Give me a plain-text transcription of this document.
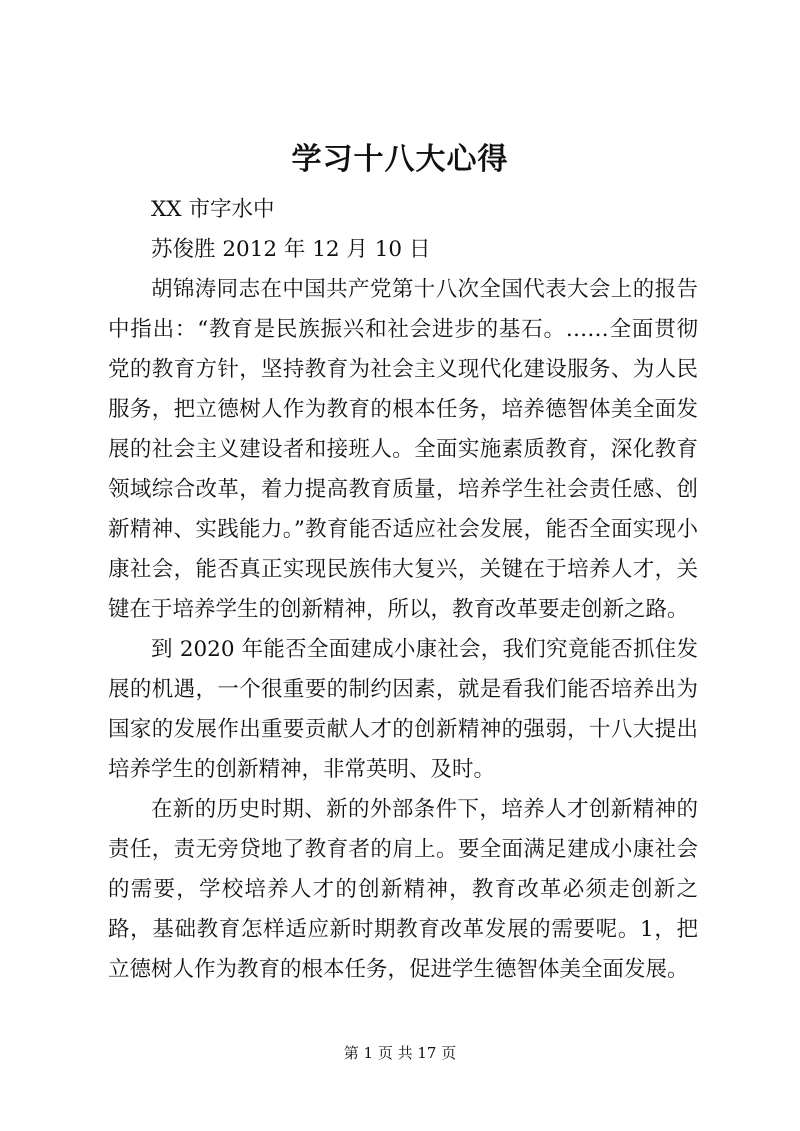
学习十八大心得

XX 市字水中

苏俊胜 2012 年 12 月 10 日

胡锦涛同志在中国共产党第十八次全国代表大会上的报告中指出：“教育是民族振兴和社会进步的基石。……全面贯彻党的教育方针，坚持教育为社会主义现代化建设服务、为人民服务，把立德树人作为教育的根本任务，培养德智体美全面发展的社会主义建设者和接班人。全面实施素质教育，深化教育领域综合改革，着力提高教育质量，培养学生社会责任感、创新精神、实践能力。”教育能否适应社会发展，能否全面实现小康社会，能否真正实现民族伟大复兴，关键在于培养人才，关键在于培养学生的创新精神，所以，教育改革要走创新之路。

到 2020 年能否全面建成小康社会，我们究竟能否抓住发展的机遇，一个很重要的制约因素，就是看我们能否培养出为国家的发展作出重要贡献人才的创新精神的强弱，十八大提出培养学生的创新精神，非常英明、及时。

在新的历史时期、新的外部条件下，培养人才创新精神的责任，责无旁贷地了教育者的肩上。要全面满足建成小康社会的需要，学校培养人才的创新精神，教育改革必须走创新之路，基础教育怎样适应新时期教育改革发展的需要呢。1，把立德树人作为教育的根本任务，促进学生德智体美全面发展。

第 1 页 共 17 页
